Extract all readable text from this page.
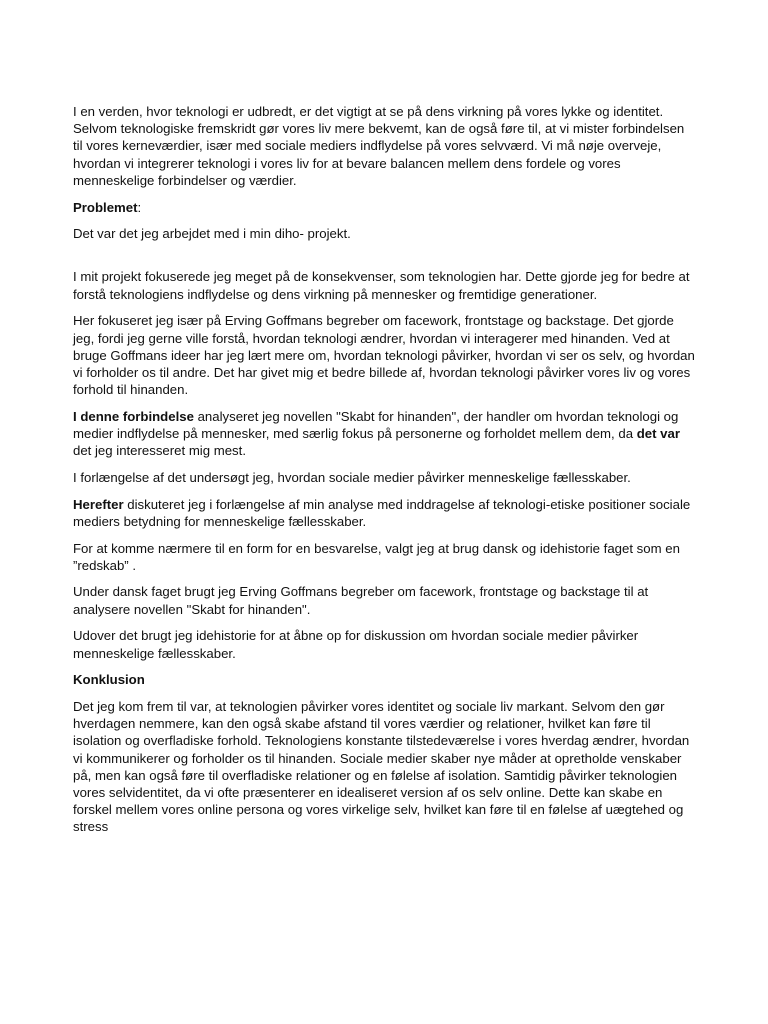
I en verden, hvor teknologi er udbredt, er det vigtigt at se på dens virkning på vores lykke og identitet. Selvom teknologiske fremskridt gør vores liv mere bekvemt, kan de også føre til, at vi mister forbindelsen til vores kerneværdier, især med sociale mediers indflydelse på vores selvværd. Vi må nøje overveje, hvordan vi integrerer teknologi i vores liv for at bevare balancen mellem dens fordele og vores menneskelige forbindelser og værdier.

Problemet:

Det var det jeg arbejdet med i min diho- projekt.

I mit projekt fokuserede jeg meget på de konsekvenser, som teknologien har. Dette gjorde jeg for bedre at forstå teknologiens indflydelse og dens virkning på mennesker og fremtidige generationer.

Her fokuseret jeg især på Erving Goffmans begreber om facework, frontstage og backstage. Det gjorde jeg, fordi jeg gerne ville forstå, hvordan teknologi ændrer, hvordan vi interagerer med hinanden. Ved at bruge Goffmans ideer har jeg lært mere om, hvordan teknologi påvirker, hvordan vi ser os selv, og hvordan vi forholder os til andre. Det har givet mig et bedre billede af, hvordan teknologi påvirker vores liv og vores forhold til hinanden.

I denne forbindelse analyseret jeg novellen "Skabt for hinanden", der handler om hvordan teknologi og medier indflydelse på mennesker, med særlig fokus på personerne og forholdet mellem dem, da det var det jeg interesseret mig mest.

I forlængelse af det undersøgt jeg, hvordan sociale medier påvirker menneskelige fællesskaber.

Herefter diskuteret jeg i forlængelse af min analyse med inddragelse af teknologi-etiske positioner sociale mediers betydning for menneskelige fællesskaber.

For at komme nærmere til en form for en besvarelse, valgt jeg at brug dansk og idehistorie faget som en ”redskab” .

Under dansk faget brugt jeg Erving Goffmans begreber om facework, frontstage og backstage til at analysere novellen "Skabt for hinanden".

Udover det brugt jeg idehistorie for at åbne op for diskussion om hvordan sociale medier påvirker menneskelige fællesskaber.

Konklusion

Det jeg kom frem til var, at teknologien påvirker vores identitet og sociale liv markant. Selvom den gør hverdagen nemmere, kan den også skabe afstand til vores værdier og relationer, hvilket kan føre til isolation og overfladiske forhold. Teknologiens konstante tilstedeværelse i vores hverdag ændrer, hvordan vi kommunikerer og forholder os til hinanden. Sociale medier skaber nye måder at opretholde venskaber på, men kan også føre til overfladiske relationer og en følelse af isolation. Samtidig påvirker teknologien vores selvidentitet, da vi ofte præsenterer en idealiseret version af os selv online. Dette kan skabe en forskel mellem vores online persona og vores virkelige selv, hvilket kan føre til en følelse af uægtehed og stress
